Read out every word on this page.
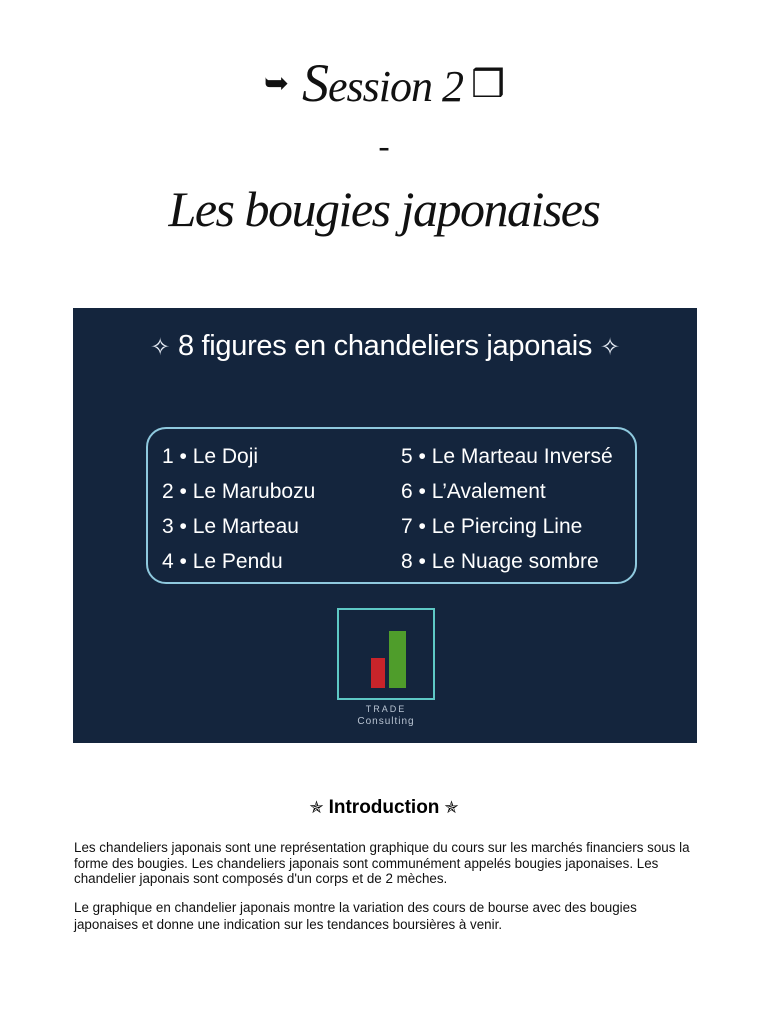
➥ Session 2 ❒
-
Les bougies japonaises
✧ 8 figures en chandeliers japonais ✧
1 • Le Doji
2 • Le Marubozu
3 • Le Marteau
4 • Le Pendu
5 • Le Marteau Inversé
6 • L’Avalement
7 • Le Piercing Line
8 • Le Nuage sombre
TRADE
Consulting
✯ Introduction ✯

Les chandeliers japonais sont une représentation graphique du cours sur les marchés financiers sous la forme des bougies. Les chandeliers japonais sont communément appelés bougies japonaises. Les chandelier japonais sont composés d'un corps et de 2 mèches.

Le graphique en chandelier japonais montre la variation des cours de bourse avec des bougies japonaises et donne une indication sur les tendances boursières à venir.
